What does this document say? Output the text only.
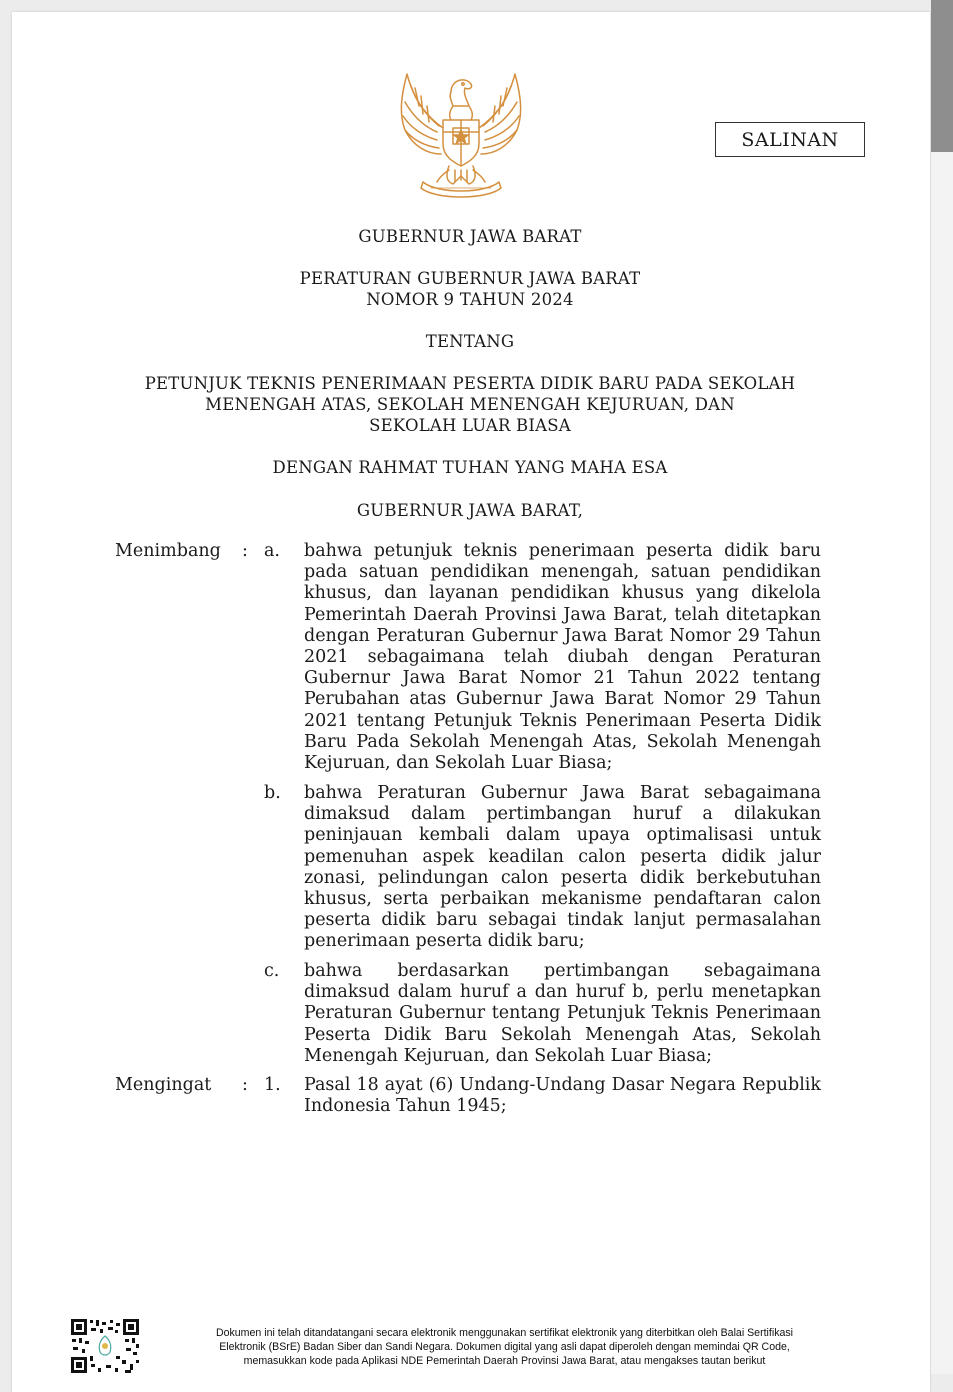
SALINAN
GUBERNUR JAWA BARAT
PERATURAN GUBERNUR JAWA BARAT
NOMOR 9 TAHUN 2024
TENTANG
PETUNJUK TEKNIS PENERIMAAN PESERTA DIDIK BARU PADA SEKOLAH
MENENGAH ATAS, SEKOLAH MENENGAH KEJURUAN, DAN
SEKOLAH LUAR BIASA
DENGAN RAHMAT TUHAN YANG MAHA ESA
GUBERNUR JAWA BARAT,
Menimbang : a. bahwa petunjuk teknis penerimaan peserta didik baru pada satuan pendidikan menengah, satuan pendidikan khusus, dan layanan pendidikan khusus yang dikelola Pemerintah Daerah Provinsi Jawa Barat, telah ditetapkan dengan Peraturan Gubernur Jawa Barat Nomor 29 Tahun 2021 sebagaimana telah diubah dengan Peraturan Gubernur Jawa Barat Nomor 21 Tahun 2022 tentang Perubahan atas Gubernur Jawa Barat Nomor 29 Tahun 2021 tentang Petunjuk Teknis Penerimaan Peserta Didik Baru Pada Sekolah Menengah Atas, Sekolah Menengah Kejuruan, dan Sekolah Luar Biasa;
b. bahwa Peraturan Gubernur Jawa Barat sebagaimana dimaksud dalam pertimbangan huruf a dilakukan peninjauan kembali dalam upaya optimalisasi untuk pemenuhan aspek keadilan calon peserta didik jalur zonasi, pelindungan calon peserta didik berkebutuhan khusus, serta perbaikan mekanisme pendaftaran calon peserta didik baru sebagai tindak lanjut permasalahan penerimaan peserta didik baru;
c. bahwa berdasarkan pertimbangan sebagaimana dimaksud dalam huruf a dan huruf b, perlu menetapkan Peraturan Gubernur tentang Petunjuk Teknis Penerimaan Peserta Didik Baru Sekolah Menengah Atas, Sekolah Menengah Kejuruan, dan Sekolah Luar Biasa;
Mengingat : 1. Pasal 18 ayat (6) Undang-Undang Dasar Negara Republik Indonesia Tahun 1945;
Dokumen ini telah ditandatangani secara elektronik menggunakan sertifikat elektronik yang diterbitkan oleh Balai Sertifikasi
Elektronik (BSrE) Badan Siber dan Sandi Negara. Dokumen digital yang asli dapat diperoleh dengan memindai QR Code,
memasukkan kode pada Aplikasi NDE Pemerintah Daerah Provinsi Jawa Barat, atau mengakses tautan berikut
